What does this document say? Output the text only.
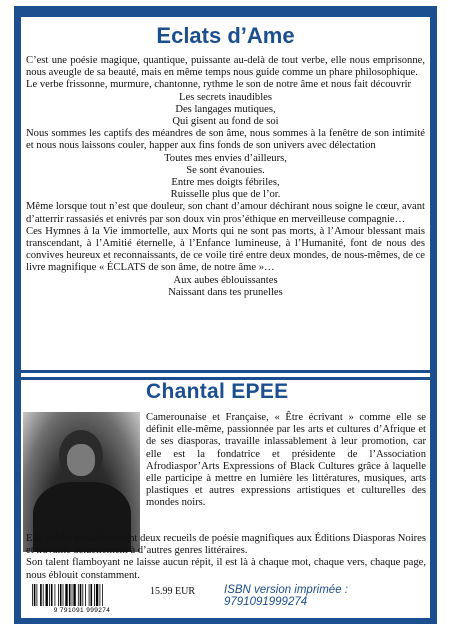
Eclats d’Ame

C’est une poésie magique, quantique, puissante au-delà de tout verbe, elle nous emprisonne, nous aveugle de sa beauté, mais en même temps nous guide comme un phare philosophique.

Le verbe frissonne, murmure, chantonne, rythme le son de notre âme et nous fait découvrir

Les secrets inaudibles

Des langages mutiques,

Qui gisent au fond de soi

Nous sommes les captifs des méandres de son âme, nous sommes à la fenêtre de son intimité et nous nous laissons couler, happer aux fins fonds de son univers avec délectation

Toutes mes envies d’ailleurs,

Se sont évanouies.

Entre mes doigts fébriles,

Ruisselle plus que de l’or.

Même lorsque tout n’est que douleur, son chant d’amour déchirant nous soigne le cœur, avant d’atterrir rassasiés et enivrés par son doux vin pros’éthique en merveilleuse compagnie…

Ces Hymnes à la Vie immortelle, aux Morts qui ne sont pas morts, à l’Amour blessant mais transcendant, à l’Amitié éternelle, à l’Enfance lumineuse, à l’Humanité, font de nous des convives heureux et reconnaissants, de ce voile tiré entre deux mondes, de nous-mêmes, de ce livre magnifique « ÉCLATS de son âme, de notre âme »…

Aux aubes éblouissantes

Naissant dans tes prunelles

Chantal EPEE

Camerounaise et Française, « Être écrivant » comme elle se définit elle-même, passionnée par les arts et cultures d’Afrique et de ses diasporas, travaille inlassablement à leur promotion, car elle est la fondatrice et présidente de l’Association Afrodiaspor’Arts Expressions of Black Cultures grâce à laquelle elle participe à mettre en lumière les littératures, musiques, arts plastiques et autres expressions artistiques et culturelles des mondes noirs.

Elle publie simultanément deux recueils de poésie magnifiques aux Éditions Diasporas Noires et travaille actuellement à d’autres genres littéraires.

Son talent flamboyant ne laisse aucun répit, il est là à chaque mot, chaque vers, chaque page, nous éblouit constamment.

9 791091 999274
15.99 EUR	ISBN version imprimée : 9791091999274
